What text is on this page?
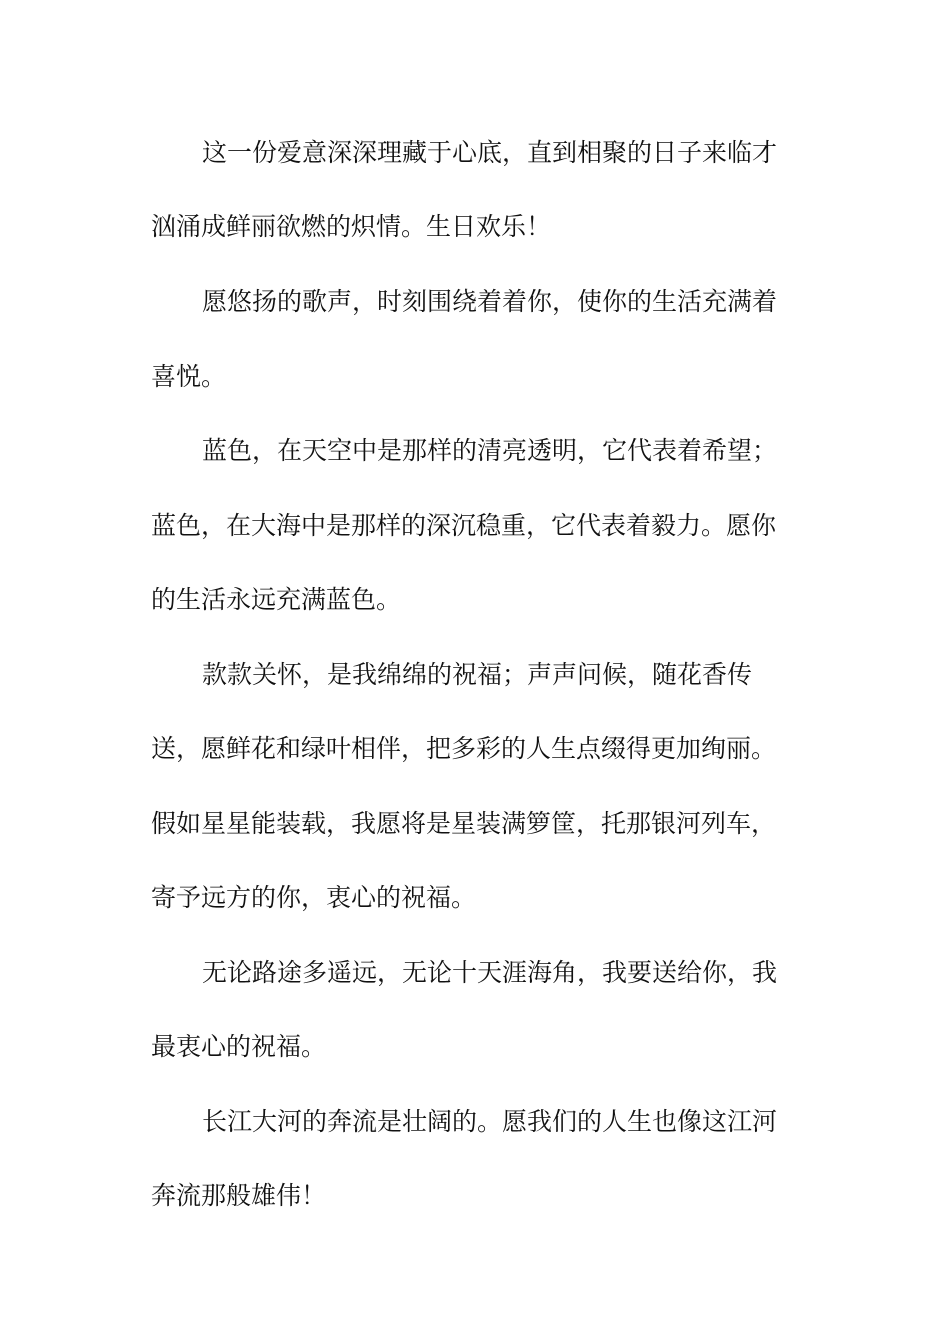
这一份爱意深深理藏于心底，直到相聚的日子来临才

汹涌成鲜丽欲燃的炽情。生日欢乐！

愿悠扬的歌声，时刻围绕着着你，使你的生活充满着

喜悦。

蓝色，在天空中是那样的清亮透明，它代表着希望；

蓝色，在大海中是那样的深沉稳重，它代表着毅力。愿你

的生活永远充满蓝色。

款款关怀，是我绵绵的祝福；声声问候，随花香传

送，愿鲜花和绿叶相伴，把多彩的人生点缀得更加绚丽。

假如星星能装载，我愿将是星装满箩筐，托那银河列车，

寄予远方的你，衷心的祝福。

无论路途多遥远，无论十天涯海角，我要送给你，我

最衷心的祝福。

长江大河的奔流是壮阔的。愿我们的人生也像这江河

奔流那般雄伟！
